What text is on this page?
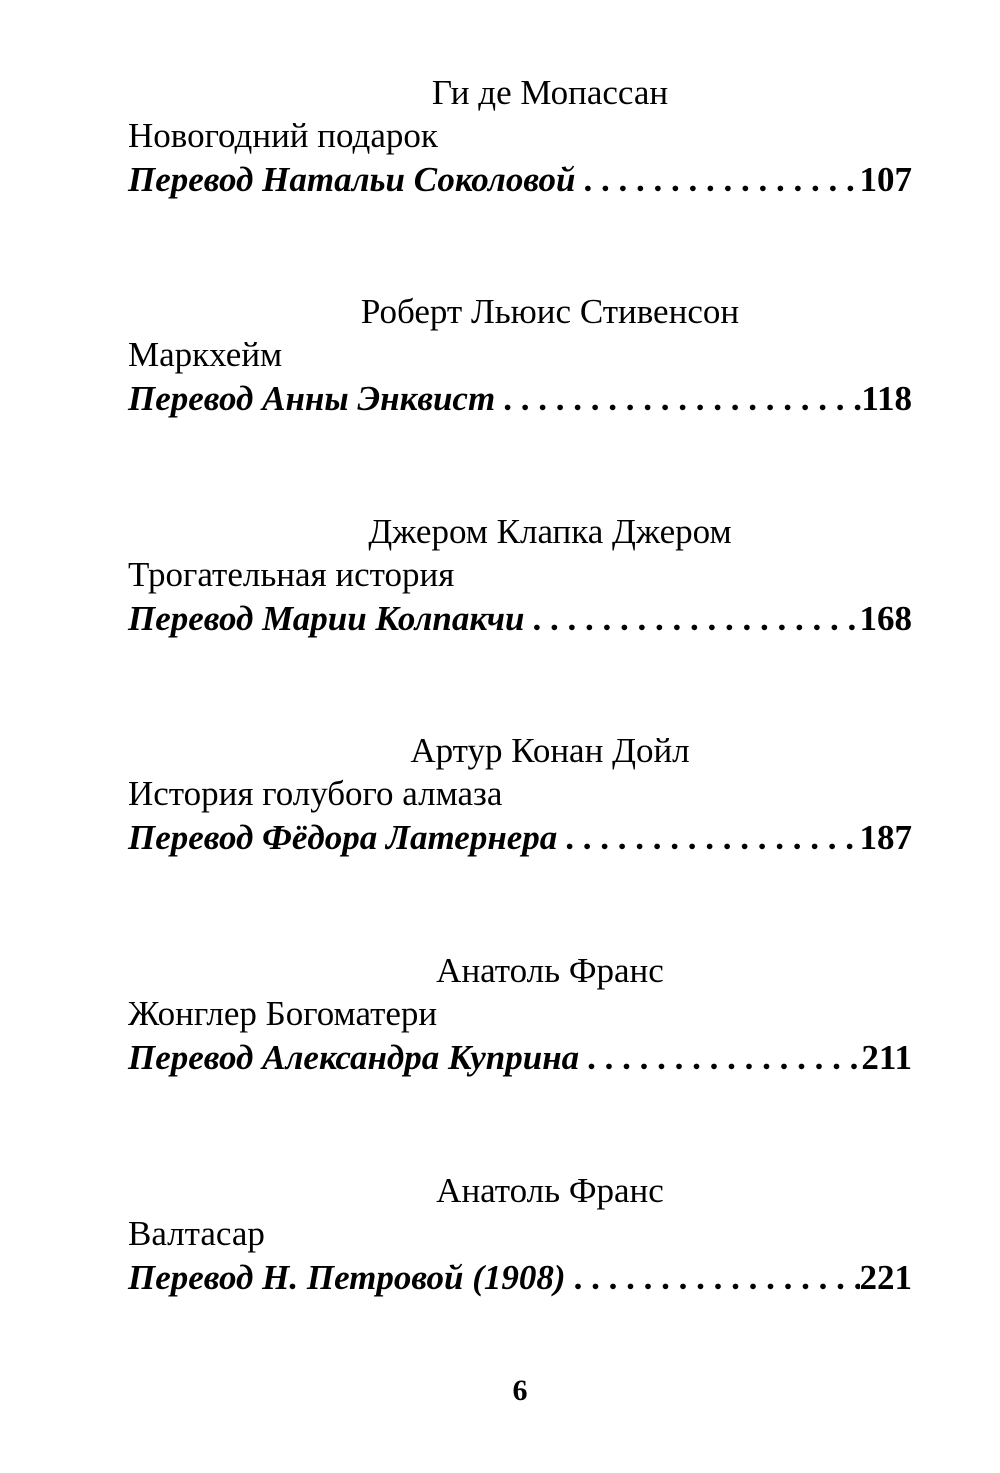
Ги де Мопассан
Новогодний подарок
Перевод Натальи Соколовой . . .	107
Роберт Льюис Стивенсон
Маркхейм
Перевод Анны Энквист . . .	118
Джером Клапка Джером
Трогательная история
Перевод Марии Колпакчи . . .	168
Артур Конан Дойл
История голубого алмаза
Перевод Фёдора Латернера . . .	187
Анатоль Франс
Жонглер Богоматери
Перевод Александра Куприна . . .	211
Анатоль Франс
Валтасар
Перевод Н. Петровой (1908) . . .	221
6
